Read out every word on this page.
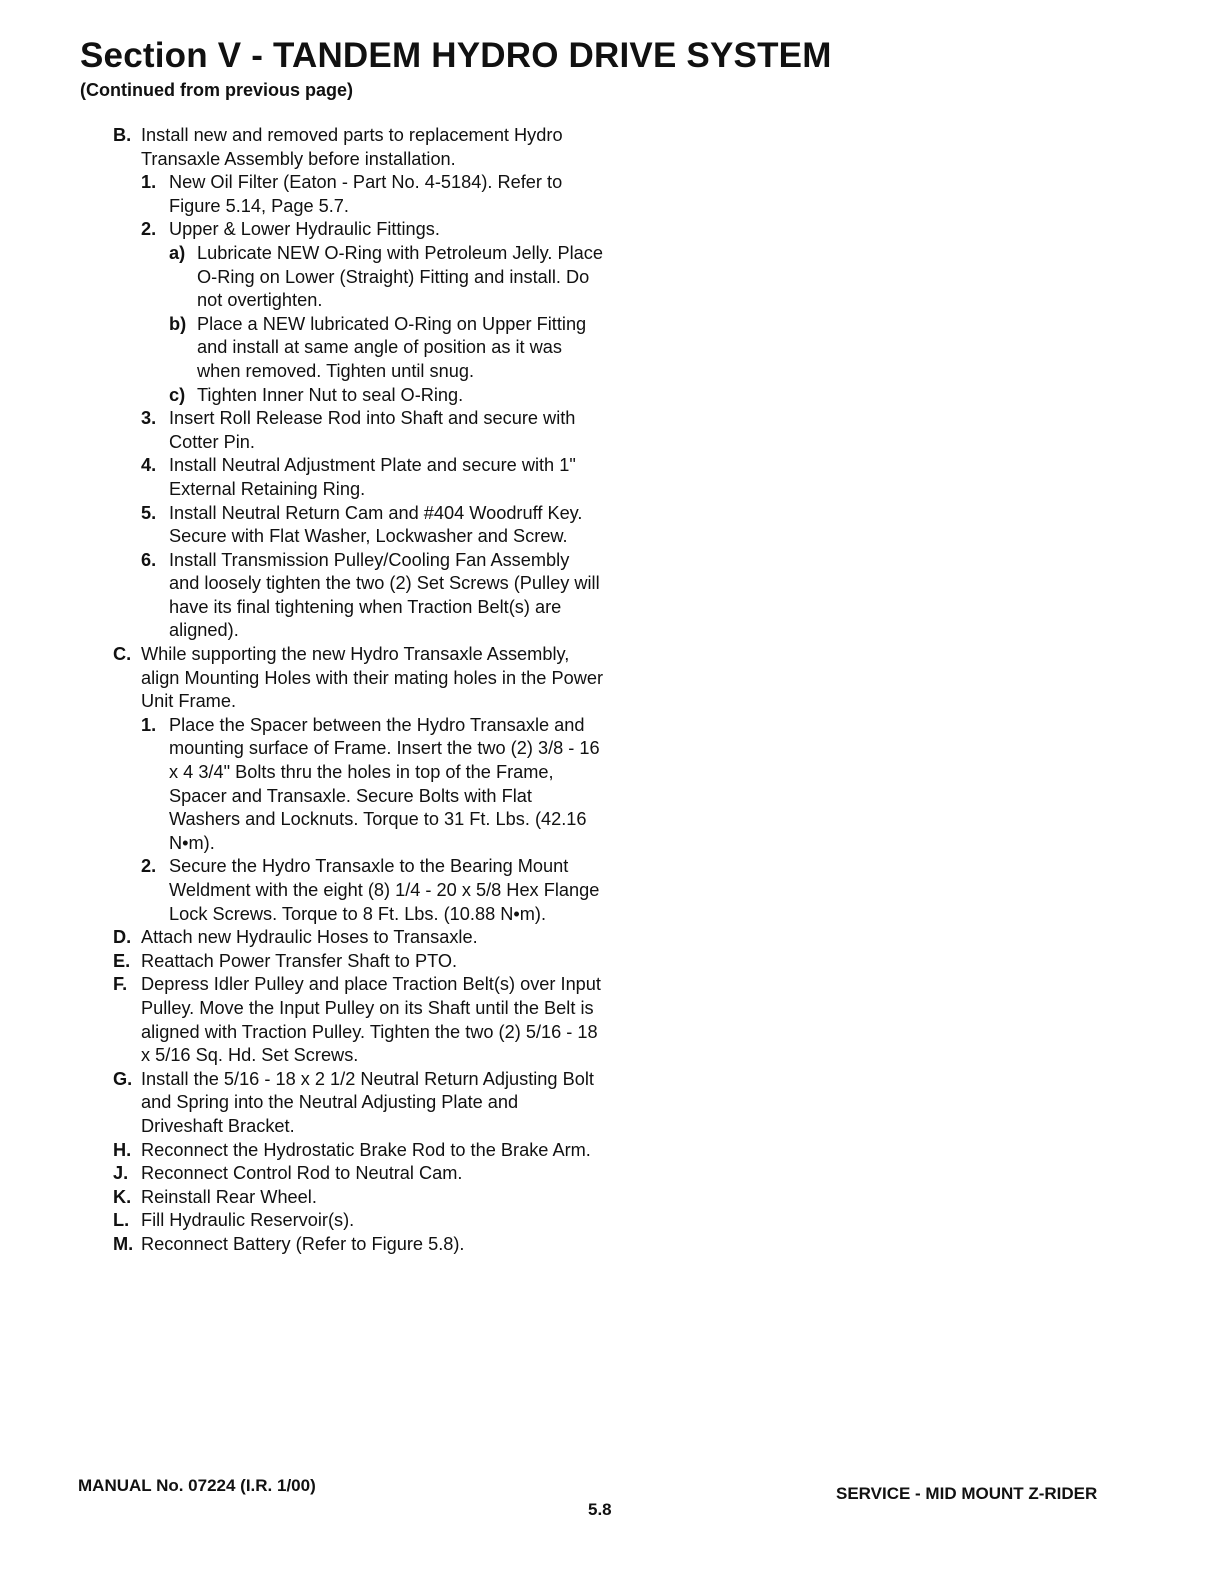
Section V - TANDEM HYDRO DRIVE SYSTEM
(Continued from previous page)
B. Install new and removed parts to replacement Hydro Transaxle Assembly before installation.
1. New Oil Filter (Eaton - Part No. 4-5184). Refer to Figure 5.14, Page 5.7.
2. Upper & Lower Hydraulic Fittings.
a) Lubricate NEW O-Ring with Petroleum Jelly. Place O-Ring on Lower (Straight) Fitting and install. Do not overtighten.
b) Place a NEW lubricated O-Ring on Upper Fitting and install at same angle of position as it was when removed. Tighten until snug.
c) Tighten Inner Nut to seal O-Ring.
3. Insert Roll Release Rod into Shaft and secure with Cotter Pin.
4. Install Neutral Adjustment Plate and secure with 1" External Retaining Ring.
5. Install Neutral Return Cam and #404 Woodruff Key. Secure with Flat Washer, Lockwasher and Screw.
6. Install Transmission Pulley/Cooling Fan Assembly and loosely tighten the two (2) Set Screws (Pulley will have its final tightening when Traction Belt(s) are aligned).
C. While supporting the new Hydro Transaxle Assembly, align Mounting Holes with their mating holes in the Power Unit Frame.
1. Place the Spacer between the Hydro Transaxle and mounting surface of Frame. Insert the two (2) 3/8 - 16 x 4 3/4" Bolts thru the holes in top of the Frame, Spacer and Transaxle. Secure Bolts with Flat Washers and Locknuts. Torque to 31 Ft. Lbs. (42.16 N•m).
2. Secure the Hydro Transaxle to the Bearing Mount Weldment with the eight (8) 1/4 - 20 x 5/8 Hex Flange Lock Screws. Torque to 8 Ft. Lbs. (10.88 N•m).
D. Attach new Hydraulic Hoses to Transaxle.
E. Reattach Power Transfer Shaft to PTO.
F. Depress Idler Pulley and place Traction Belt(s) over Input Pulley. Move the Input Pulley on its Shaft until the Belt is aligned with Traction Pulley. Tighten the two (2) 5/16 - 18 x 5/16 Sq. Hd. Set Screws.
G. Install the 5/16 - 18 x 2 1/2 Neutral Return Adjusting Bolt and Spring into the Neutral Adjusting Plate and Driveshaft Bracket.
H. Reconnect the Hydrostatic Brake Rod to the Brake Arm.
J. Reconnect Control Rod to Neutral Cam.
K. Reinstall Rear Wheel.
L. Fill Hydraulic Reservoir(s).
M. Reconnect Battery (Refer to Figure 5.8).
MANUAL No. 07224 (I.R. 1/00)
5.8
SERVICE - MID MOUNT Z-RIDER
